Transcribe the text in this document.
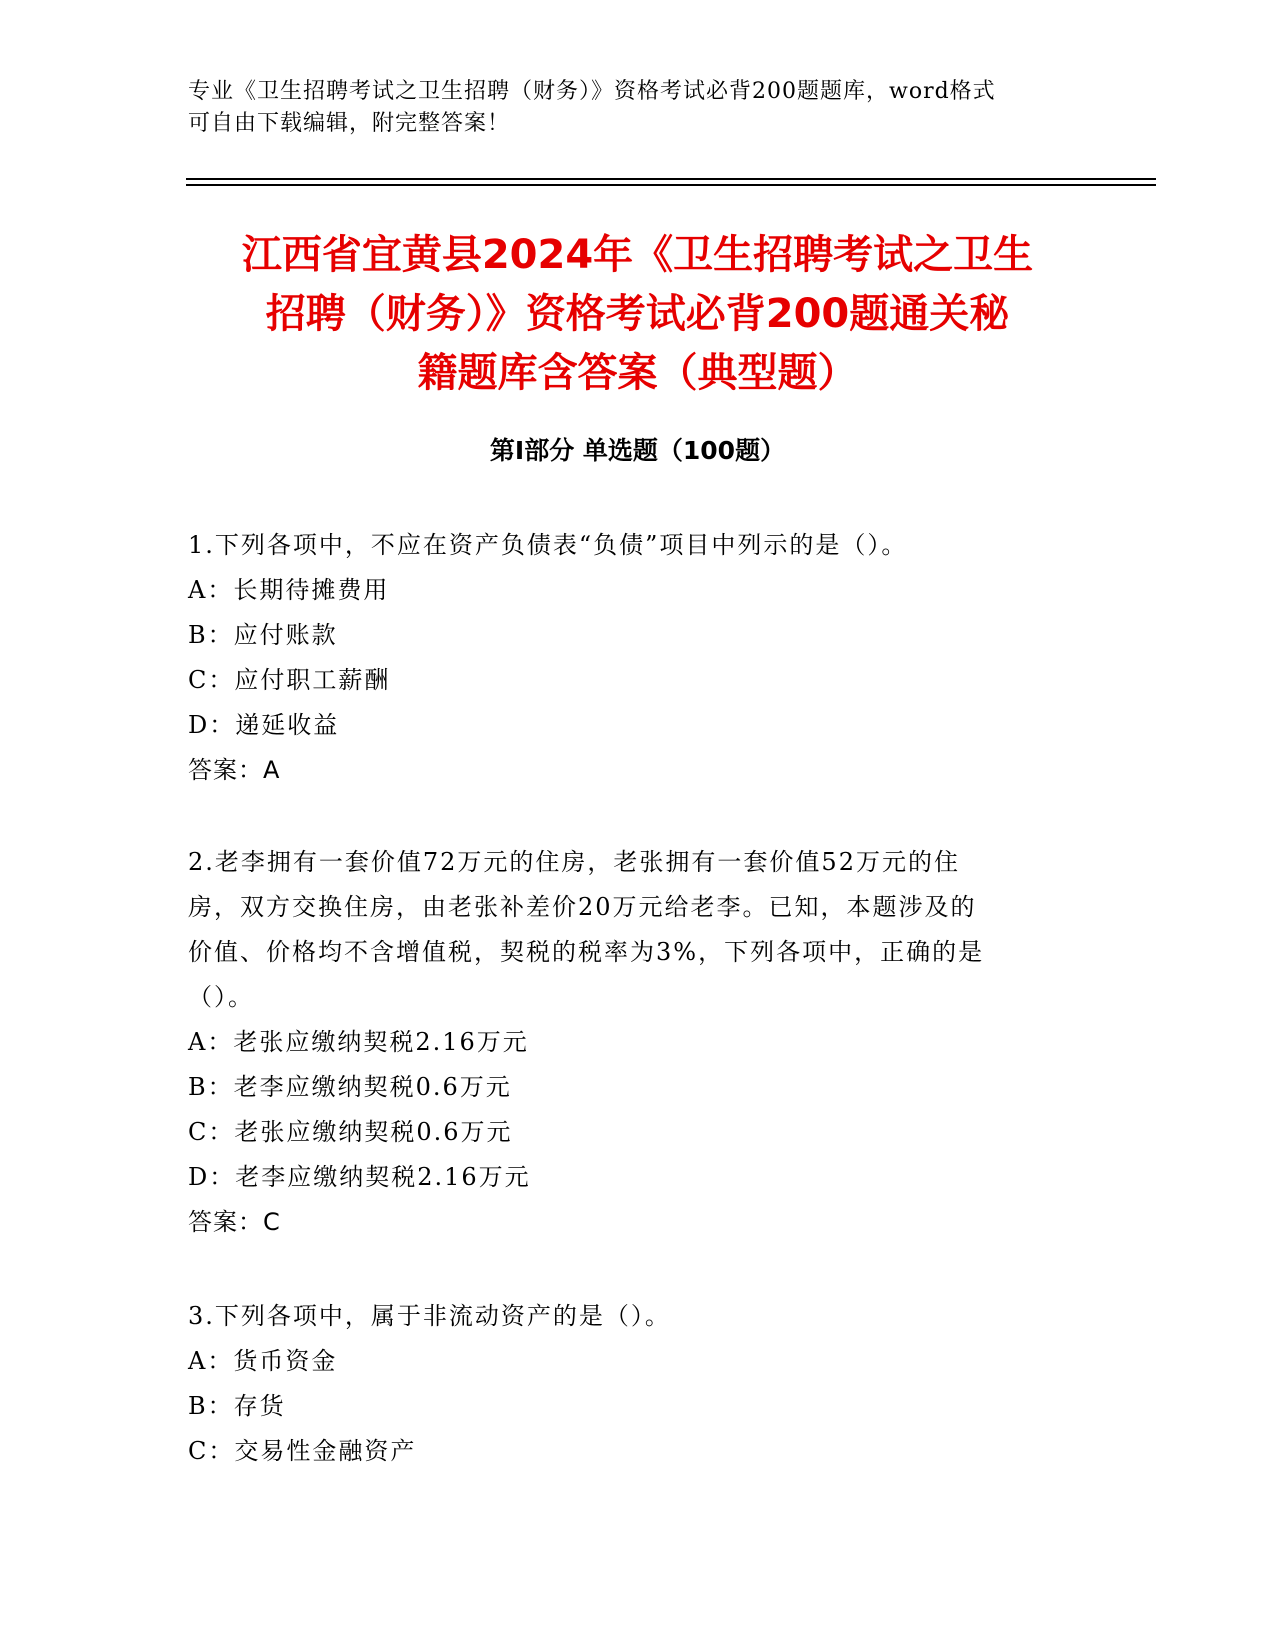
专业《卫生招聘考试之卫生招聘（财务）》资格考试必背200题题库，word格式
可自由下载编辑，附完整答案！
江西省宜黄县2024年《卫生招聘考试之卫生
招聘（财务）》资格考试必背200题通关秘
籍题库含答案（典型题）
第Ⅰ部分 单选题（100题）
1.下列各项中，不应在资产负债表“负债”项目中列示的是（）。
A：长期待摊费用
B：应付账款
C：应付职工薪酬
D：递延收益
答案：A
2.老李拥有一套价值72万元的住房，老张拥有一套价值52万元的住
房，双方交换住房，由老张补差价20万元给老李。已知，本题涉及的
价值、价格均不含增值税，契税的税率为3%，下列各项中，正确的是
（）。
A：老张应缴纳契税2.16万元
B：老李应缴纳契税0.6万元
C：老张应缴纳契税0.6万元
D：老李应缴纳契税2.16万元
答案：C
3.下列各项中，属于非流动资产的是（）。
A：货币资金
B：存货
C：交易性金融资产
